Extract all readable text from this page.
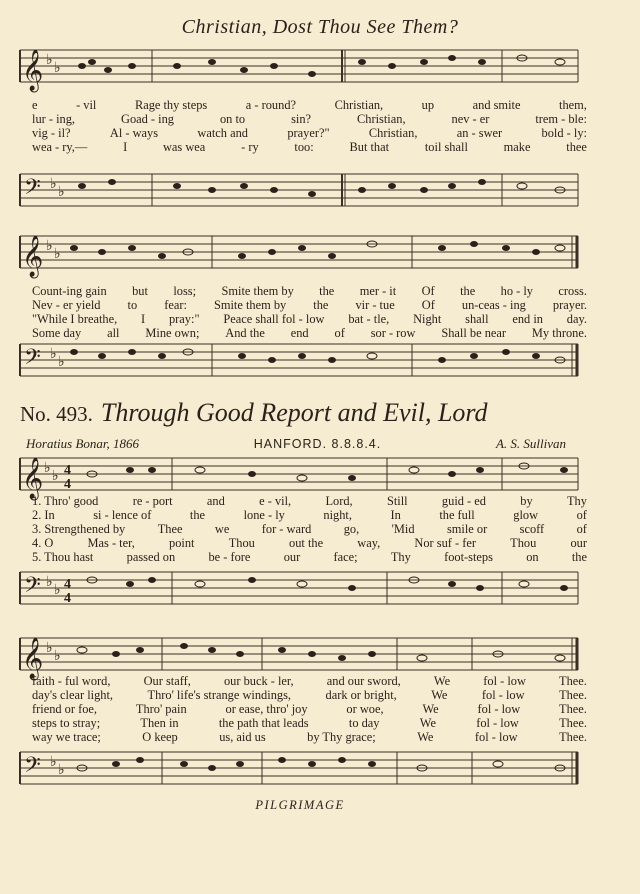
Christian, Dost Thou See Them?
𝄞 ♭
♭
e	- vil	Rage thy steps	a - round?	Christian,	up	and smite	them,
lur - ing,	Goad - ing	on to	sin?	Christian,	nev - er	trem - ble:
vig - il?	Al - ways	watch and	prayer?"	Christian,	an - swer	bold - ly:
wea - ry,—	I	was wea	- ry	too:	But that	toil shall	make	thee
𝄢 ♭
♭
𝄞 ♭
♭
Count-ing gain but loss; Smite them by the mer - it Of the ho - ly cross.
Nev - er yield to fear: Smite them by the vir - tue Of un-ceas - ing prayer.
"While I breathe, I pray:" Peace shall fol - low bat - tle, Night shall end in day.
Some day all Mine own; And the end of sor - row Shall be near My throne.
𝄢 ♭
♭
No. 493. Through Good Report and Evil, Lord
Horatius Bonar, 1866	HANFORD. 8.8.8.4.	A. S. Sullivan
𝄞 ♭
♭ 4
4
1. Thro' good	re - port	and	e - vil,	Lord,	Still	guid - ed	by	Thy
2. In	si - lence of	the	lone - ly	night,	In	the full	glow	of
3. Strengthened by	Thee	we	for - ward	go,	'Mid	smile or	scoff	of
4. O	Mas - ter,	point	Thou	out the	way,	Nor suf - fer	Thou	our
5. Thou hast	passed on	be - fore	our	face;	Thy	foot-steps	on	the
𝄢 ♭
♭ 4
4
𝄞 ♭
♭
faith - ful word,	Our staff,	our buck - ler,	and our sword,	We	fol - low	Thee.
day's clear light,	Thro' life's strange windings,	dark or bright,	We	fol - low	Thee.
friend or foe,	Thro' pain	or ease, thro' joy	or woe,	We	fol - low	Thee.
steps to stray;	Then in	the path that leads	to day	We	fol - low	Thee.
way we trace;	O keep	us, aid us	by Thy grace;	We	fol - low	Thee.
𝄢 ♭
♭
PILGRIMAGE
